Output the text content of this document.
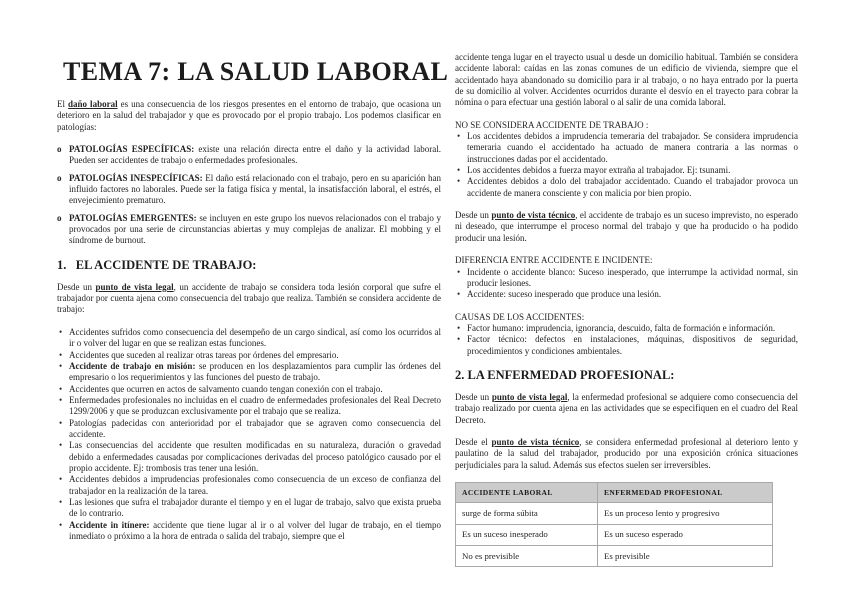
TEMA 7: LA SALUD LABORAL

El daño laboral es una consecuencia de los riesgos presentes en el entorno de trabajo, que ocasiona un deterioro en la salud del trabajador y que es provocado por el propio trabajo. Los podemos clasificar en patologías:

o PATOLOGÍAS ESPECÍFICAS: existe una relación directa entre el daño y la actividad laboral. Pueden ser accidentes de trabajo o enfermedades profesionales.
o PATOLOGÍAS INESPECÍFICAS: El daño está relacionado con el trabajo, pero en su aparición han influido factores no laborales. Puede ser la fatiga física y mental, la insatisfacción laboral, el estrés, el envejecimiento prematuro.
o PATOLOGÍAS EMERGENTES: se incluyen en este grupo los nuevos relacionados con el trabajo y provocados por una serie de circunstancias abiertas y muy complejas de analizar. El mobbing y el síndrome de burnout.
1.   EL ACCIDENTE DE TRABAJO:

Desde un punto de vista legal, un accidente de trabajo se considera toda lesión corporal que sufre el trabajador por cuenta ajena como consecuencia del trabajo que realiza. También se considera accidente de trabajo:

• Accidentes sufridos como consecuencia del desempeño de un cargo sindical, así como los ocurridos al ir o volver del lugar en que se realizan estas funciones.
• Accidentes que suceden al realizar otras tareas por órdenes del empresario.
• Accidente de trabajo en misión: se producen en los desplazamientos para cumplir las órdenes del empresario o los requerimientos y las funciones del puesto de trabajo.
• Accidentes que ocurren en actos de salvamento cuando tengan conexión con el trabajo.
• Enfermedades profesionales no incluidas en el cuadro de enfermedades profesionales del Real Decreto 1299/2006 y que se produzcan exclusivamente por el trabajo que se realiza.
• Patologías padecidas con anterioridad por el trabajador que se agraven como consecuencia del accidente.
• Las consecuencias del accidente que resulten modificadas en su naturaleza, duración o gravedad debido a enfermedades causadas por complicaciones derivadas del proceso patológico causado por el propio accidente. Ej: trombosis tras tener una lesión.
• Accidentes debidos a imprudencias profesionales como consecuencia de un exceso de confianza del trabajador en la realización de la tarea.
• Las lesiones que sufra el trabajador durante el tiempo y en el lugar de trabajo, salvo que exista prueba de lo contrario.
• Accidente in itínere: accidente que tiene lugar al ir o al volver del lugar de trabajo, en el tiempo inmediato o próximo a la hora de entrada o salida del trabajo, siempre que el

accidente tenga lugar en el trayecto usual u desde un domicilio habitual. También se considera accidente laboral: caídas en las zonas comunes de un edificio de vivienda, siempre que el accidentado haya abandonado su domicilio para ir al trabajo, o no haya entrado por la puerta de su domicilio al volver. Accidentes ocurridos durante el desvío en el trayecto para cobrar la nómina o para efectuar una gestión laboral o al salir de una comida laboral.

NO SE CONSIDERA ACCIDENTE DE TRABAJO :

• Los accidentes debidos a imprudencia temeraria del trabajador. Se considera imprudencia temeraria cuando el accidentado ha actuado de manera contraria a las normas o instrucciones dadas por el accidentado.
• Los accidentes debidos a fuerza mayor extraña al trabajador. Ej: tsunami.
• Accidentes debidos a dolo del trabajador accidentado. Cuando el trabajador provoca un accidente de manera consciente y con malicia por bien propio.

Desde un punto de vista técnico, el accidente de trabajo es un suceso imprevisto, no esperado ni deseado, que interrumpe el proceso normal del trabajo y que ha producido o ha podido producir una lesión.

DIFERENCIA ENTRE ACCIDENTE E INCIDENTE:

• Incidente o accidente blanco: Suceso inesperado, que interrumpe la actividad normal, sin producir lesiones.
• Accidente: suceso inesperado que produce una lesión.

CAUSAS DE LOS ACCIDENTES:

• Factor humano: imprudencia, ignorancia, descuido, falta de formación e información.
• Factor técnico: defectos en instalaciones, máquinas, dispositivos de seguridad, procedimientos y condiciones ambientales.
2. LA ENFERMEDAD PROFESIONAL:

Desde un punto de vista legal, la enfermedad profesional se adquiere como consecuencia del trabajo realizado por cuenta ajena en las actividades que se especifiquen en el cuadro del Real Decreto.

Desde el punto de vista técnico, se considera enfermedad profesional al deterioro lento y paulatino de la salud del trabajador, producido por una exposición crónica situaciones perjudiciales para la salud. Además sus efectos suelen ser irreversibles.

ACCIDENTE LABORAL	ENFERMEDAD PROFESIONAL
surge de forma súbita	Es un proceso lento y progresivo
Es un suceso inesperado	Es un suceso esperado
No es previsible	Es previsible
